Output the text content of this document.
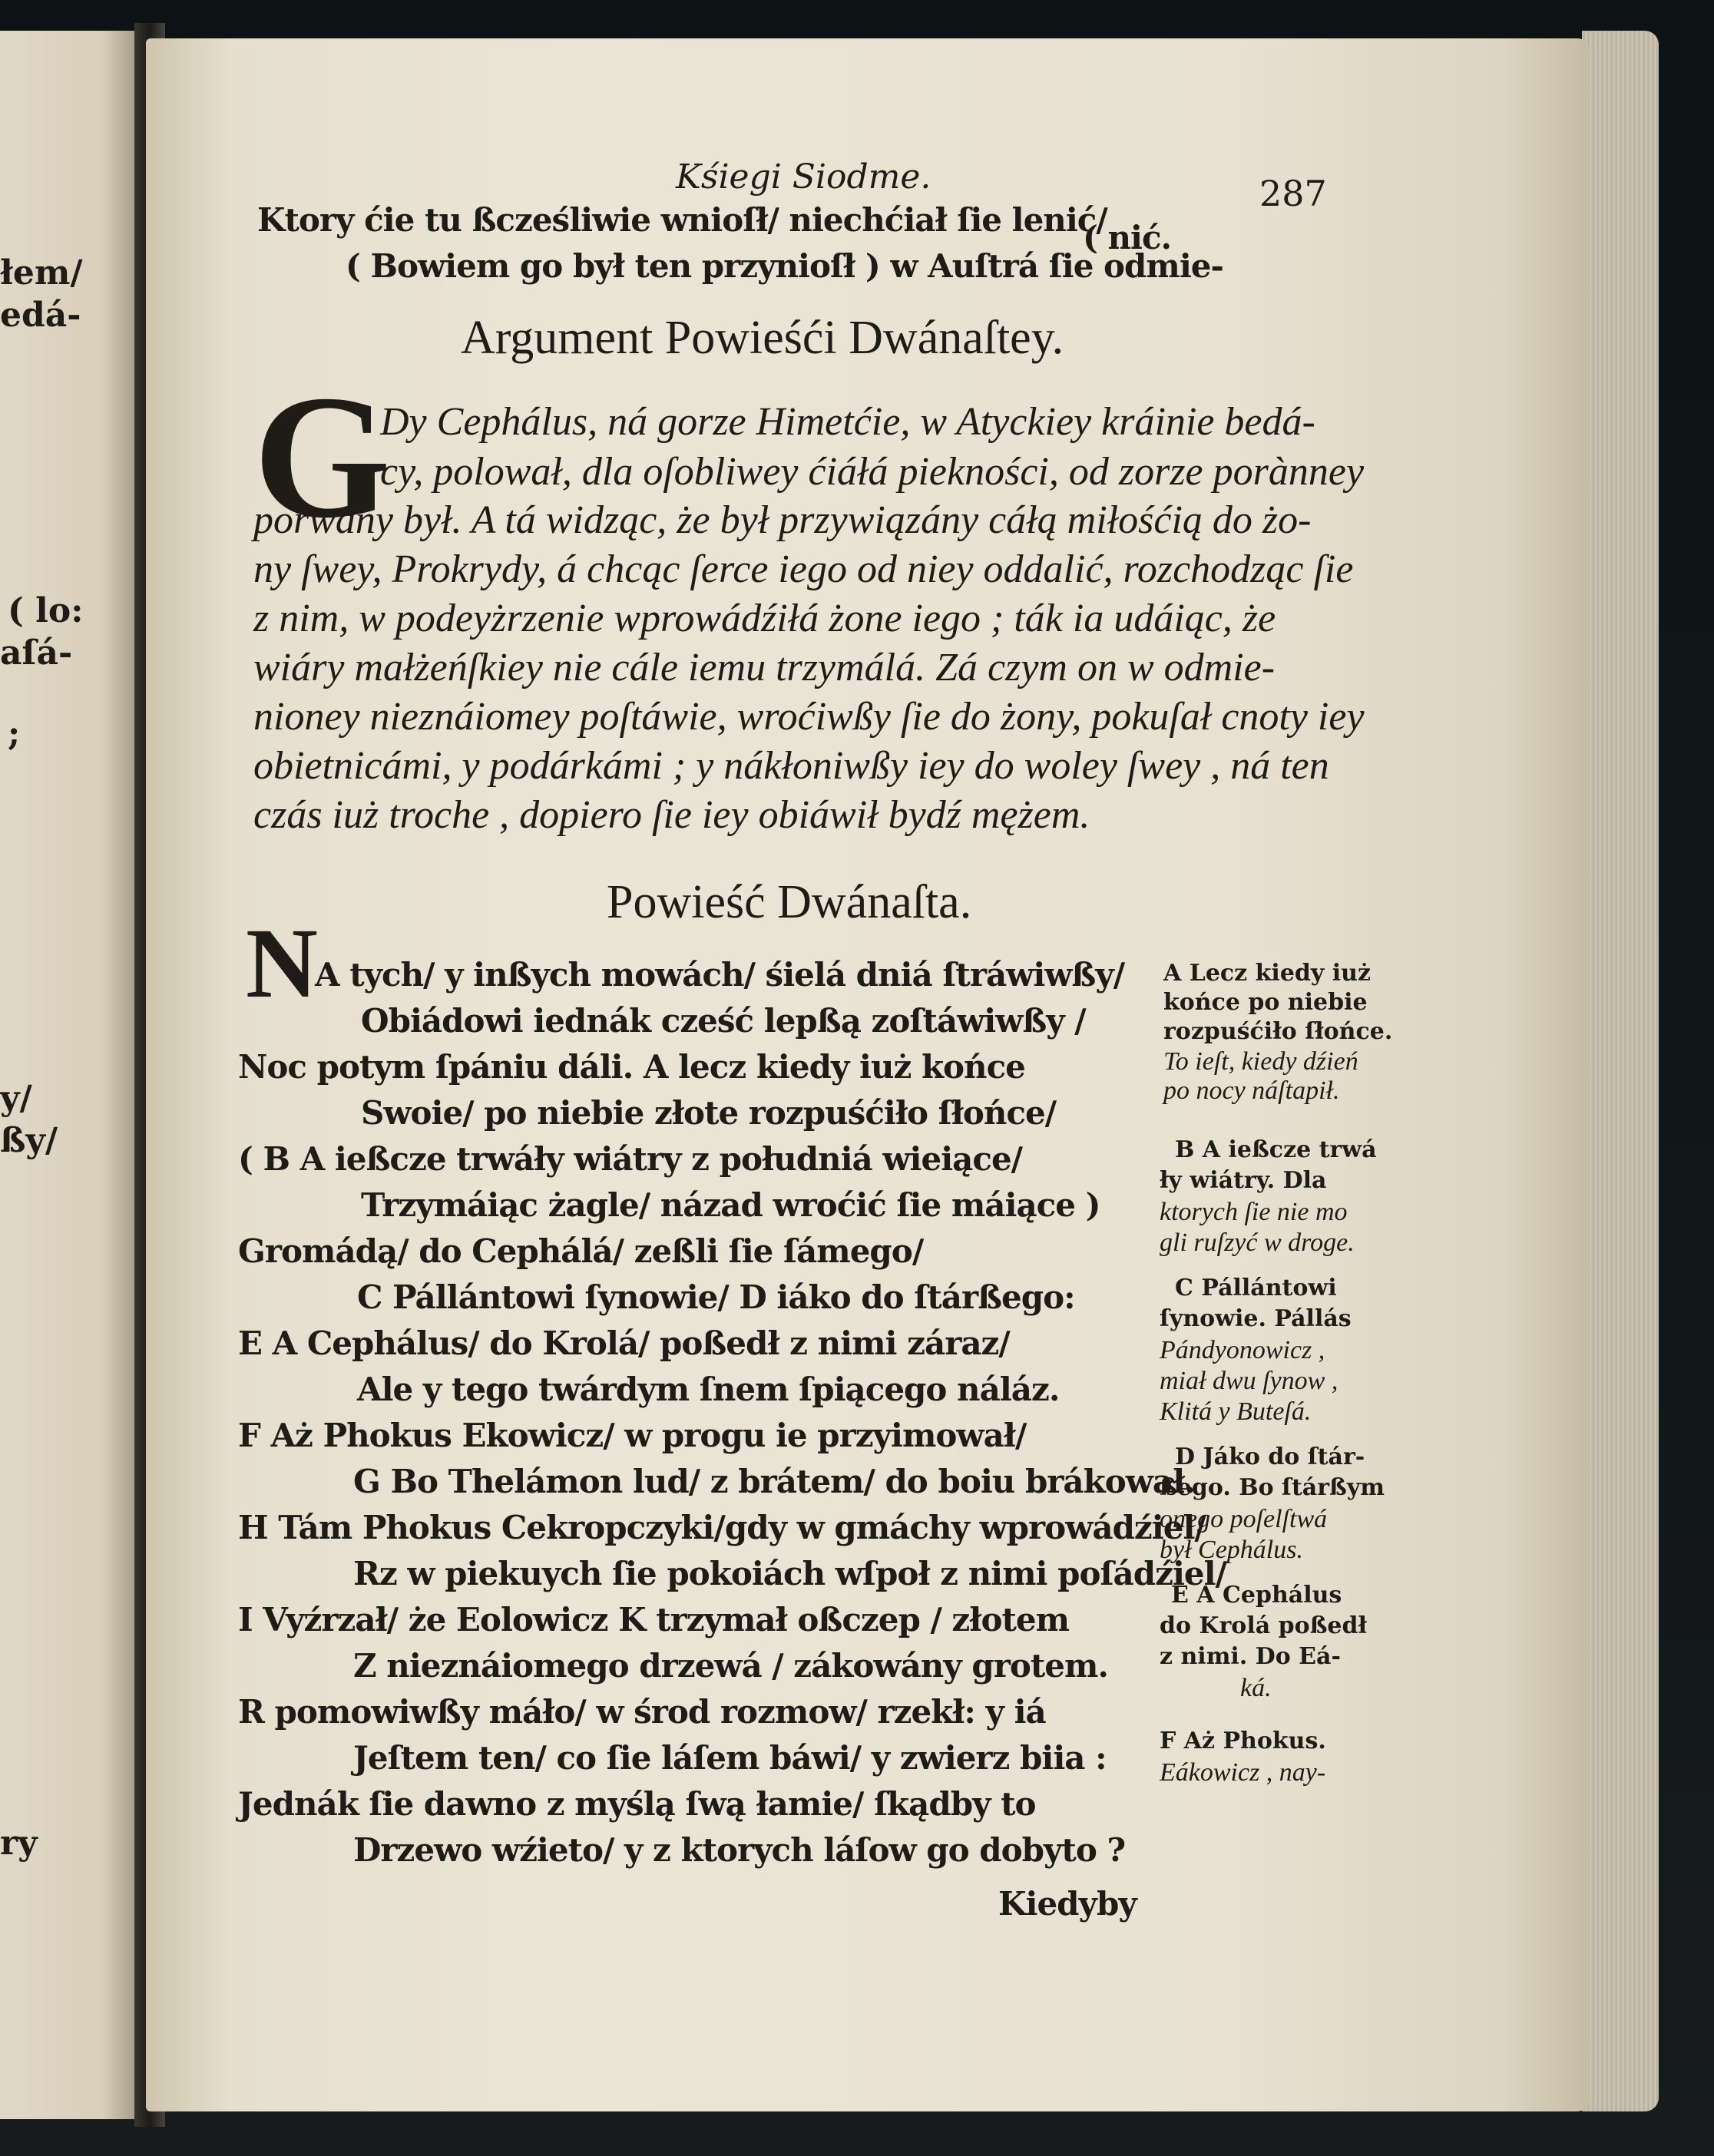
łem/
edá-
( lo:
aſá-
;
y/
ßy/
ry

Kśiegi Siodme.	287

Ktory ćie tu ßcześliwie wnioſł/ niechćiał ſie lenić/

( Bowiem go był ten przynioſł ) w Auſtrá ſie odmie-

( nić.

Argument Powieśći Dwánaſtey.

G

Dy Cephálus, ná gorze Himetćie, w Atyckiey kráinie bedá-

cy, polował, dla oſobliwey ćiáłá piekności, od zorze porànney

porwány był. A tá widząc, że był przywiązány cáłą miłośćią do żo-

ny ſwey, Prokrydy, á chcąc ſerce iego od niey oddalić, rozchodząc ſie

z nim, w podeyżrzenie wprowádźiłá żone iego ; ták ia udáiąc, że

wiáry małżeńſkiey nie cále iemu trzymálá. Zá czym on w odmie-

nioney nieznáiomey poſtáwie, wroćiwßy ſie do żony, pokuſał cnoty iey

obietnicámi, y podárkámi ; y nákłoniwßy iey do woley ſwey , ná ten

czás iuż troche , dopiero ſie iey obiáwił bydź mężem.

Powieść Dwánaſta.

N

A tych/ y inßych mowách/ śielá dniá ſtráwiwßy/

Obiádowi iednák cześć lepßą zoſtáwiwßy /

Noc potym ſpániu dáli. A lecz kiedy iuż końce

Swoie/ po niebie złote rozpuśćiło ſłońce/

( B A ießcze trwáły wiátry z południá wieiące/

Trzymáiąc żagle/ názad wroćić ſie máiące )

Gromádą/ do Cephálá/ zeßli ſie ſámego/

C Pállántowi ſynowie/ D iáko do ſtárßego:

E A Cephálus/ do Krolá/ poßedł z nimi záraz/

Ale y tego twárdym ſnem ſpiącego náláz.

F Aż Phokus Ekowicz/ w progu ie przyimował/

G Bo Thelámon lud/ z brátem/ do boiu brákował.

H Tám Phokus Cekropczyki/gdy w gmáchy wprowádźiel/

Rz w piekuych ſie pokoiách wſpoł z nimi poſádźiel/

I Vyźrzał/ że Eolowicz K trzymał oßczep / złotem

Z nieznáiomego drzewá / zákowány grotem.

R pomowiwßy máło/ w środ rozmow/ rzekł: y iá

Jeſtem ten/ co ſie láſem báwi/ y zwierz biia :

Jednák ſie dawno z myślą ſwą łamie/ ſkądby to

Drzewo wźieto/ y z ktorych láſow go dobyto ?

Kiedyby

A Lecz kiedy iuż

końce po niebie

rozpuśćiło ſłońce.

To ieſt, kiedy dźień

po nocy náſtapił.

B A ießcze trwá

ły wiátry. Dla

ktorych ſie nie mo

gli ruſzyć w droge.

C Pállántowi

ſynowie. Pállás

Pándyonowicz ,

miał dwu ſynow ,

Klitá y Buteſá.

D Jáko do ſtár-

ßego. Bo ſtárßym

onego poſelſtwá

był Cephálus.

E A Cephálus

do Krolá poßedł

z nimi. Do Eá-

ká.

F Aż Phokus.

Eákowicz , nay-
